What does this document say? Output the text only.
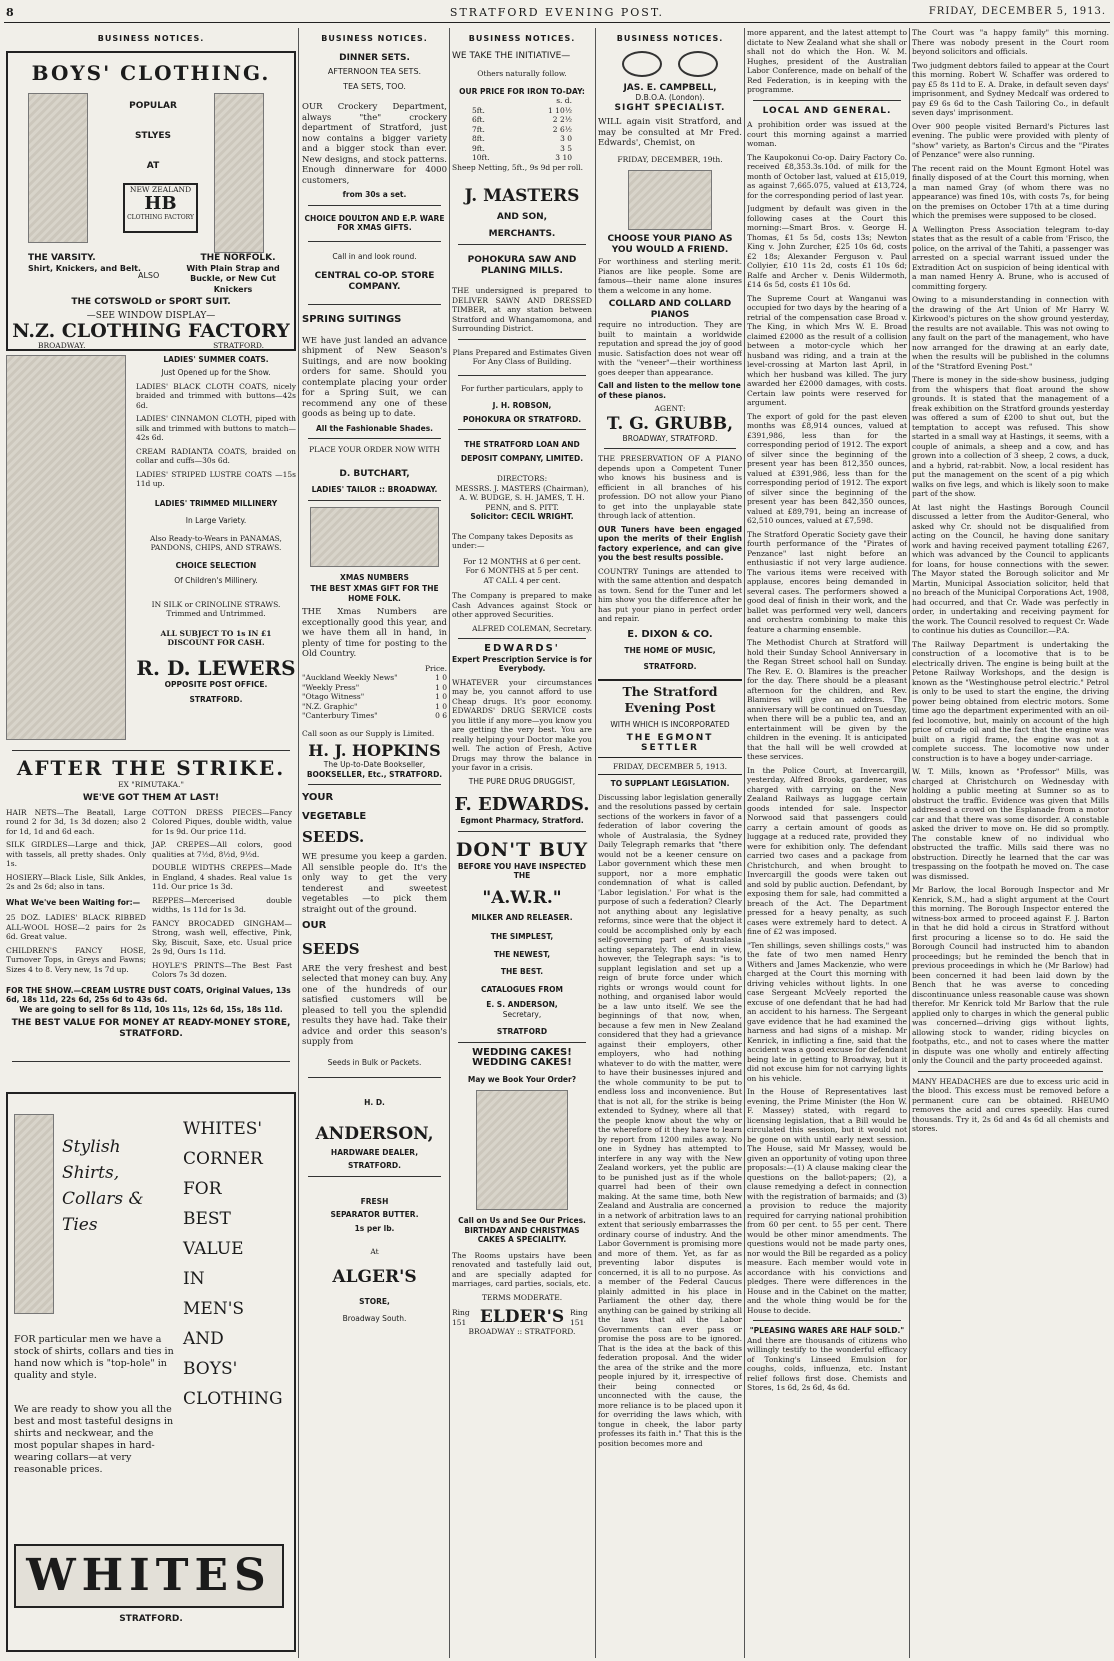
8	STRATFORD EVENING POST.	FRIDAY, DECEMBER 5, 1913.
BUSINESS NOTICES.
BOYS' CLOTHING.
POPULAR
STLYES
AT
NEW ZEALAND
HB
CLOTHING FACTORY
THE VARSITY.
Shirt, Knickers, and Belt.
ALSO
THE NORFOLK.
With Plain Strap and Buckle, or New Cut Knickers
THE COTSWOLD or SPORT SUIT.
—SEE WINDOW DISPLAY—
N.Z. CLOTHING FACTORY
BROADWAY.	STRATFORD.
LADIES' SUMMER COATS.
Just Opened up for the Show.
LADIES' BLACK CLOTH COATS, nicely braided and trimmed with buttons—42s 6d.
LADIES' CINNAMON CLOTH, piped with silk and trimmed with buttons to match—42s 6d.
CREAM RADIANTA COATS, braided on collar and cuffs—30s 6d.
LADIES' STRIPED LUSTRE COATS —15s 11d up.
LADIES' TRIMMED MILLINERY
In Large Variety.
Also Ready-to-Wears in PANAMAS, PANDONS, CHIPS, AND STRAWS.
CHOICE SELECTION
Of Children's Millinery.
IN SILK or CRINOLINE STRAWS. Trimmed and Untrimmed.
ALL SUBJECT TO 1s IN £1 DISCOUNT FOR CASH.
R. D. LEWERS
OPPOSITE POST OFFICE.
STRATFORD.
AFTER THE STRIKE.
EX "RIMUTAKA."
WE'VE GOT THEM AT LAST!
HAIR NETS—The Beatall, Large round 2 for 3d, 1s 3d dozen; also 2 for 1d, 1d and 6d each.
SILK GIRDLES—Large and thick, with tassels, all pretty shades. Only 1s.
HOSIERY—Black Lisle, Silk Ankles, 2s and 2s 6d; also in tans.
What We've been Waiting for:—
25 DOZ. LADIES' BLACK RIBBED ALL-WOOL HOSE—2 pairs for 2s 6d. Great value.
CHILDREN'S FANCY HOSE, Turnover Tops, in Greys and Fawns; Sizes 4 to 8. Very new, 1s 7d up.
COTTON DRESS PIECES—Fancy Colored Piques, double width, value for 1s 9d. Our price 11d.
JAP. CREPES—All colors, good qualities at 7½d, 8½d, 9½d.
DOUBLE WIDTHS CREPES—Made in England, 4 shades. Real value 1s 11d. Our price 1s 3d.
REPPES—Mercerised double widths, 1s 11d for 1s 3d.
FANCY BROCADED GINGHAM—Strong, wash well, effective, Pink, Sky, Biscuit, Saxe, etc. Usual price 2s 9d, Ours 1s 11d.
HOYLE'S PRINTS—The Best Fast Colors 7s 3d dozen.
FOR THE SHOW.—CREAM LUSTRE DUST COATS, Original Values, 13s 6d, 18s 11d, 22s 6d, 25s 6d to 43s 6d.
We are going to sell for 8s 11d, 10s 11s, 12s 6d, 15s, 18s 11d.
THE BEST VALUE FOR MONEY AT READY-MONEY STORE, STRATFORD.
Stylish Shirts, Collars & Ties
WHITES'
CORNER
FOR
BEST
VALUE
IN
MEN'S
AND
BOYS'
CLOTHING
FOR particular men we have a stock of shirts, collars and ties in hand now which is "top-hole" in quality and style.
We are ready to show you all the best and most tasteful designs in shirts and neckwear, and the most popular shapes in hard-wearing collars—at very reasonable prices.
WHITES
STRATFORD.
BUSINESS NOTICES.
DINNER SETS.
AFTERNOON TEA SETS.
TEA SETS, TOO.
OUR Crockery Department, always "the" crockery department of Stratford, just now contains a bigger variety and a bigger stock than ever. New designs, and stock patterns. Enough dinnerware for 4000 customers,
from 30s a set.
CHOICE DOULTON AND E.P. WARE FOR XMAS GIFTS.
Call in and look round.
CENTRAL CO-OP. STORE COMPANY.
SPRING SUITINGS
WE have just landed an advance shipment of New Season's Suitings, and are now booking orders for same. Should you contemplate placing your order for a Spring Suit, we can recommend any one of these goods as being up to date.
All the Fashionable Shades.
PLACE YOUR ORDER NOW WITH
D. BUTCHART,
LADIES' TAILOR :: BROADWAY.
XMAS NUMBERS
THE BEST XMAS GIFT FOR THE HOME FOLK.
THE Xmas Numbers are exceptionally good this year, and we have them all in hand, in plenty of time for posting to the Old Country.
Price.
"Auckland Weekly News"	1 0
"Weekly Press"	1 0
"Otago Witness"	1 0
"N.Z. Graphic"	1 0
"Canterbury Times"	0 6
Call soon as our Supply is Limited.
H. J. HOPKINS
The Up-to-Date Bookseller,
BOOKSELLER, Etc., STRATFORD.
YOUR
VEGETABLE
SEEDS.
WE presume you keep a garden. All sensible people do. It's the only way to get the very tenderest and sweetest vegetables —to pick them straight out of the ground.
OUR
SEEDS
ARE the very freshest and best selected that money can buy. Any one of the hundreds of our satisfied customers will be pleased to tell you the splendid results they have had. Take their advice and order this season's supply from
Seeds in Bulk or Packets.
H. D.
ANDERSON,
HARDWARE DEALER,
STRATFORD.
FRESH
SEPARATOR BUTTER.
1s per lb.
At
ALGER'S
STORE,
Broadway South.
BUSINESS NOTICES.
WE TAKE THE INITIATIVE—
Others naturally follow.
OUR PRICE FOR IRON TO-DAY:
s. d.
5ft.	1 10½
6ft.	2 2½
7ft.	2 6½
8ft.	3 0
9ft.	3 5
10ft.	3 10
Sheep Netting, 5ft., 9s 9d per roll.
J. MASTERS
AND SON,
MERCHANTS.
POHOKURA SAW AND PLANING MILLS.
THE undersigned is prepared to DELIVER SAWN AND DRESSED TIMBER, at any station between Stratford and Whangamomona, and Surrounding District.
Plans Prepared and Estimates Given For Any Class of Building.
For further particulars, apply to
J. H. ROBSON,
POHOKURA OR STRATFORD.
THE STRATFORD LOAN AND DEPOSIT COMPANY, LIMITED.
DIRECTORS:
MESSRS. J. MASTERS (Chairman), A. W. BUDGE, S. H. JAMES, T. H. PENN, and S. PITT.
Solicitor: CECIL WRIGHT.
The Company takes Deposits as under:—
For 12 MONTHS at 6 per cent.
For 6 MONTHS at 5 per cent.
AT CALL 4 per cent.
The Company is prepared to make Cash Advances against Stock or other approved Securities.
ALFRED COLEMAN, Secretary.
EDWARDS'
Expert Prescription Service is for Everybody.
WHATEVER your circumstances may be, you cannot afford to use Cheap drugs. It's poor economy. EDWARDS' DRUG SERVICE costs you little if any more—you know you are getting the very best. You are really helping your Doctor make you well. The action of Fresh, Active Drugs may throw the balance in your favor in a crisis.
THE PURE DRUG DRUGGIST,
F. EDWARDS.
Egmont Pharmacy, Stratford.
DON'T BUY
BEFORE YOU HAVE INSPECTED THE
"A.W.R."
MILKER AND RELEASER.
THE SIMPLEST,
THE NEWEST,
THE BEST.
CATALOGUES FROM
E. S. ANDERSON,
Secretary,
STRATFORD
WEDDING CAKES!
WEDDING CAKES!
May we Book Your Order?
Call on Us and See Our Prices. BIRTHDAY AND CHRISTMAS CAKES A SPECIALITY.
The Rooms upstairs have been renovated and tastefully laid out, and are specially adapted for marriages, card parties, socials, etc.
TERMS MODERATE.
Ring 151 ELDER'S Ring 151
BROADWAY :: STRATFORD.
BUSINESS NOTICES.
JAS. E. CAMPBELL,
D.B.O.A. (London).
SIGHT SPECIALIST.
WILL again visit Stratford, and may be consulted at Mr Fred. Edwards', Chemist, on
FRIDAY, DECEMBER, 19th.
CHOOSE YOUR PIANO AS YOU WOULD A FRIEND.
For worthiness and sterling merit. Pianos are like people. Some are famous—their name alone insures them a welcome in any home.
COLLARD AND COLLARD PIANOS
require no introduction. They are built to maintain a worldwide reputation and spread the joy of good music. Satisfaction does not wear off with the "veneer"—their worthiness goes deeper than appearance.
Call and listen to the mellow tone of these pianos.
AGENT:
T. G. GRUBB,
BROADWAY, STRATFORD.
THE PRESERVATION OF A PIANO depends upon a Competent Tuner who knows his business and is efficient in all branches of his profession. DO not allow your Piano to get into the unplayable state through lack of attention.
OUR Tuners have been engaged upon the merits of their English factory experience, and can give you the best results possible.
COUNTRY Tunings are attended to with the same attention and despatch as town. Send for the Tuner and let him show you the difference after he has put your piano in perfect order and repair.
E. DIXON & CO.
THE HOME OF MUSIC,
STRATFORD.
The Stratford Evening Post
WITH WHICH IS INCORPORATED
THE EGMONT SETTLER
FRIDAY, DECEMBER 5, 1913.
TO SUPPLANT LEGISLATION.
Discussing labor legislation generally and the resolutions passed by certain sections of the workers in favor of a federation of labor covering the whole of Australasia, the Sydney Daily Telegraph remarks that "there would not be a keener censure on Labor government which these men support, nor a more emphatic condemnation of what is called 'Labor legislation.' For what is the purpose of such a federation? Clearly not anything about any legislative reforms, since were that the object it could be accomplished only by each self-governing part of Australasia acting separately. The end in view, however, the Telegraph says: "is to supplant legislation and set up a reign of brute force under which rights or wrongs would count for nothing, and organised labor would be a law unto itself. We see the beginnings of that now, when, because a few men in New Zealand considered that they had a grievance against their employers, other employers, who had nothing whatever to do with the matter, were to have their businesses injured and the whole community to be put to endless loss and inconvenience. But that is not all, for the strike is being extended to Sydney, where all that the people know about the why or the wherefore of it they have to learn by report from 1200 miles away. No one in Sydney has attempted to interfere in any way with the New Zealand workers, yet the public are to be punished just as if the whole quarrel had been of their own making. At the same time, both New Zealand and Australia are concerned in a network of arbitration laws to an extent that seriously embarrasses the ordinary course of industry. And the Labor Government is promising more and more of them. Yet, as far as preventing labor disputes is concerned, it is all to no purpose. As a member of the Federal Caucus plainly admitted in his place in Parliament the other day, there anything can be gained by striking all the laws that all the Labor Governments can ever pass or promise the poss are to be ignored. That is the idea at the back of this federation proposal. And the wider the area of the strike and the more people injured by it, irrespective of their being connected or unconnected with the cause, the more reliance is to be placed upon it for overriding the laws which, with tongue in cheek, the labor party professes its faith in." That this is the position becomes more and
more apparent, and the latest attempt to dictate to New Zealand what she shall or shall not do which the Hon. W. M. Hughes, president of the Australian Labor Conference, made on behalf of the Red Federation, is in keeping with the programme.
LOCAL AND GENERAL.
A prohibition order was issued at the court this morning against a married woman.
The Kaupokonui Co-op. Dairy Factory Co. received £8,353.3s.10d. of milk for the month of October last, valued at £15,019, as against 7,665.075, valued at £13,724, for the corresponding period of last year.
Judgment by default was given in the following cases at the Court this morning:—Smart Bros. v. George H. Thomas, £1 5s 5d, costs 13s; Newton King v. John Zurcher, £25 10s 6d, costs £2 18s; Alexander Ferguson v. Paul Collyier, £10 11s 2d, costs £1 10s 6d; Ralfe and Archer v. Denis Wildermoth, £14 6s 5d, costs £1 10s 6d.
The Supreme Court at Wanganui was occupied for two days by the hearing of a retrial of the compensation case Broad v. The King, in which Mrs W. E. Broad claimed £2000 as the result of a collision between a motor-cycle which her husband was riding, and a train at the level-crossing at Marton last April, in which her husband was killed. The jury awarded her £2000 damages, with costs. Certain law points were reserved for argument.
The export of gold for the past eleven months was £8,914 ounces, valued at £391,986, less than for the corresponding period of 1912. The export of silver since the beginning of the present year has been 812,350 ounces, valued at £391,986, less than for the corresponding period of 1912. The export of silver since the beginning of the present year has been 842,350 ounces, valued at £89,791, being an increase of 62,510 ounces, valued at £7,598.
The Stratford Operatic Society gave their fourth performance of the "Pirates of Penzance" last night before an enthusiastic if not very large audience. The various items were received with applause, encores being demanded in several cases. The performers showed a good deal of finish in their work, and the ballet was performed very well, dancers and orchestra combining to make this feature a charming ensemble.
The Methodist Church at Stratford will hold their Sunday School Anniversary in the Regan Street school hall on Sunday. The Rev. E. O. Blamires is the preacher for the day. There should be a pleasant afternoon for the children, and Rev. Blamires will give an address. The anniversary will be continued on Tuesday, when there will be a public tea, and an entertainment will be given by the children in the evening. It is anticipated that the hall will be well crowded at these services.
In the Police Court, at Invercargill, yesterday, Alfred Brooks, gardener, was charged with carrying on the New Zealand Railways as luggage certain goods intended for sale. Inspector Norwood said that passengers could carry a certain amount of goods as luggage at a reduced rate, provided they were for exhibition only. The defendant carried two cases and a package from Christchurch, and when brought to Invercargill the goods were taken out and sold by public auction. Defendant, by exposing them for sale, had committed a breach of the Act. The Department pressed for a heavy penalty, as such cases were extremely hard to detect. A fine of £2 was imposed.
"Ten shillings, seven shillings costs," was the fate of two men named Henry Withers and James Mackenzie, who were charged at the Court this morning with driving vehicles without lights. In one case Sergeant McVeely reported the excuse of one defendant that he had had an accident to his harness. The Sergeant gave evidence that he had examined the harness and had signs of a mishap. Mr Kenrick, in inflicting a fine, said that the accident was a good excuse for defendant being late in getting to Broadway, but it did not excuse him for not carrying lights on his vehicle.
In the House of Representatives last evening, the Prime Minister (the Hon W. F. Massey) stated, with regard to licensing legislation, that a Bill would be circulated this session, but it would not be gone on with until early next session. The House, said Mr Massey, would be given an opportunity of voting upon three proposals:—(1) A clause making clear the questions on the ballot-papers; (2), a clause remedying a defect in connection with the registration of barmaids; and (3) a provision to reduce the majority required for carrying national prohibition from 60 per cent. to 55 per cent. There would be other minor amendments. The questions would not be made party ones, nor would the Bill be regarded as a policy measure. Each member would vote in accordance with his convictions and pledges. There were differences in the House and in the Cabinet on the matter, and the whole thing would be for the House to decide.
"PLEASING WARES ARE HALF SOLD."
And there are thousands of citizens who willingly testify to the wonderful efficacy of Tonking's Linseed Emulsion for coughs, colds, influenza, etc. Instant relief follows first dose. Chemists and Stores, 1s 6d, 2s 6d, 4s 6d.
The Court was "a happy family" this morning. There was nobody present in the Court room beyond solicitors and officials.
Two judgment debtors failed to appear at the Court this morning. Robert W. Schaffer was ordered to pay £5 8s 11d to E. A. Drake, in default seven days' imprisonment, and Sydney Medcalf was ordered to pay £9 6s 6d to the Cash Tailoring Co., in default seven days' imprisonment.
Over 900 people visited Bernard's Pictures last evening. The public were provided with plenty of "show" variety, as Barton's Circus and the "Pirates of Penzance" were also running.
The recent raid on the Mount Egmont Hotel was finally disposed of at the Court this morning, when a man named Gray (of whom there was no appearance) was fined 10s, with costs 7s, for being on the premises on October 17th at a time during which the premises were supposed to be closed.
A Wellington Press Association telegram to-day states that as the result of a cable from 'Frisco, the police, on the arrival of the Tahiti, a passenger was arrested on a special warrant issued under the Extradition Act on suspicion of being identical with a man named Henry A. Brune, who is accused of committing forgery.
Owing to a misunderstanding in connection with the drawing of the Art Union of Mr Harry W. Kirkwood's pictures on the show ground yesterday, the results are not available. This was not owing to any fault on the part of the management, who have now arranged for the drawing at an early date, when the results will be published in the columns of the "Stratford Evening Post."
There is money in the side-show business, judging from the whispers that float around the show grounds. It is stated that the management of a freak exhibition on the Stratford grounds yesterday was offered a sum of £200 to shut out, but the temptation to accept was refused. This show started in a small way at Hastings, it seems, with a couple of animals, a sheep and a cow, and has grown into a collection of 3 sheep, 2 cows, a duck, and a hybrid, rat-rabbit. Now, a local resident has put the management on the scent of a pig which walks on five legs, and which is likely soon to make part of the show.
At last night the Hastings Borough Council discussed a letter from the Auditor-General, who asked why Cr. should not be disqualified from acting on the Council, he having done sanitary work and having received payment totalling £267, which was advanced by the Council to applicants for loans, for house connections with the sewer. The Mayor stated the Borough solicitor and Mr Martin, Municipal Association solicitor, held that no breach of the Municipal Corporations Act, 1908, had occurred, and that Cr. Wade was perfectly in order, in undertaking and receiving payment for the work. The Council resolved to request Cr. Wade to continue his duties as Councillor.—P.A.
The Railway Department is undertaking the construction of a locomotive that is to be electrically driven. The engine is being built at the Petone Railway Workshops, and the design is known as the "Westinghouse petrol electric." Petrol is only to be used to start the engine, the driving power being obtained from electric motors. Some time ago the department experimented with an oil-fed locomotive, but, mainly on account of the high price of crude oil and the fact that the engine was built on a rigid frame, the engine was not a complete success. The locomotive now under construction is to have a bogey under-carriage.
W. T. Mills, known as "Professor" Mills, was charged at Christchurch on Wednesday with holding a public meeting at Sumner so as to obstruct the traffic. Evidence was given that Mills addressed a crowd on the Esplanade from a motor car and that there was some disorder. A constable asked the driver to move on. He did so promptly. The constable knew of no individual who obstructed the traffic. Mills said there was no obstruction. Directly he learned that the car was trespassing on the footpath he moved on. The case was dismissed.
Mr Barlow, the local Borough Inspector and Mr Kenrick, S.M., had a slight argument at the Court this morning. The Borough Inspector entered the witness-box armed to proceed against F. J. Barton in that he did hold a circus in Stratford without first procuring a license so to do. He said the Borough Council had instructed him to abandon proceedings; but he reminded the bench that in previous proceedings in which he (Mr Barlow) had been concerned it had been laid down by the Bench that he was averse to conceding discontinuance unless reasonable cause was shown therefor. Mr Kenrick told Mr Barlow that the rule applied only to charges in which the general public was concerned—driving gigs without lights, allowing stock to wander, riding bicycles on footpaths, etc., and not to cases where the matter in dispute was one wholly and entirely affecting only the Council and the party proceeded against.
MANY HEADACHES are due to excess uric acid in the blood. This excess must be removed before a permanent cure can be obtained. RHEUMO removes the acid and cures speedily. Has cured thousands. Try it, 2s 6d and 4s 6d all chemists and stores.
